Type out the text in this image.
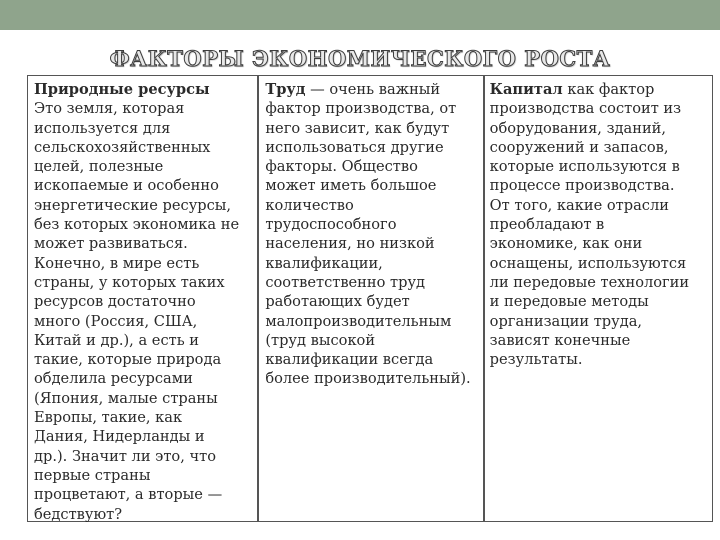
ФАКТОРЫ ЭКОНОМИЧЕСКОГО РОСТА
Природные ресурсы
Это земля, которая
используется для
сельскохозяйственных
целей, полезные
ископаемые и особенно
энергетические ресурсы,
без которых экономика не
может развиваться.
Конечно, в мире есть
страны, у которых таких
ресурсов достаточно
много (Россия, США,
Китай и др.), а есть и
такие, которые природа
обделила ресурсами
(Япония, малые страны
Европы, такие, как
Дания, Нидерланды и
др.). Значит ли это, что
первые страны
процветают, а вторые —
бедствуют?
Труд — очень важный
фактор производства, от
него зависит, как будут
использоваться другие
факторы. Общество
может иметь большое
количество
трудоспособного
населения, но низкой
квалификации,
соответственно труд
работающих будет
малопроизводительным
(труд высокой
квалификации всегда
более производительный).
Капитал как фактор
производства состоит из
оборудования, зданий,
сооружений и запасов,
которые используются в
процессе производства.
От того, какие отрасли
преобладают в
экономике, как они
оснащены, используются
ли передовые технологии
и передовые методы
организации труда,
зависят конечные
результаты.
